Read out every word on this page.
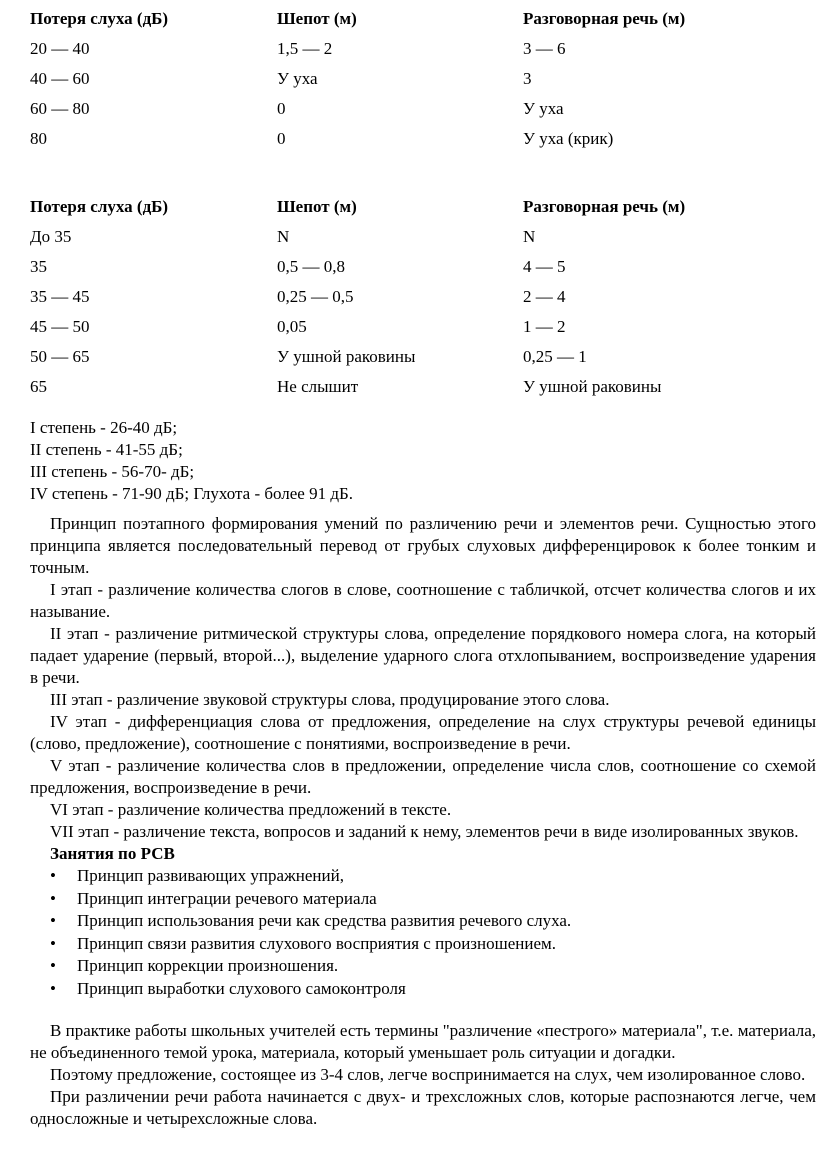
Потеря слуха (дБ)	Шепот (м)	Разговорная речь (м)
20 — 40	1,5 — 2	3 — 6
40 — 60	У уха	3
60 — 80	0	У уха
80	0	У уха (крик)
Потеря слуха (дБ)	Шепот (м)	Разговорная речь (м)
До 35	N	N
35	0,5 — 0,8	4 — 5
35 — 45	0,25 — 0,5	2 — 4
45 — 50	0,05	1 — 2
50 — 65	У ушной раковины	0,25 — 1
65	Не слышит	У ушной раковины
I степень - 26-40 дБ;
II степень - 41-55 дБ;
III степень - 56-70- дБ;
IV степень - 71-90 дБ; Глухота - более 91 дБ.

Принцип поэтапного формирования умений по различению речи и элементов речи. Сущностью этого принципа является последовательный перевод от грубых слуховых дифференцировок к более тонким и точным.

I этап - различение количества слогов в слове, соотношение с табличкой, отсчет количества слогов и их называние.

II этап - различение ритмической структуры слова, определение порядкового номера слога, на который падает ударение (первый, второй...), выделение ударного слога отхлопыванием, воспроизведение ударения в речи.

III этап - различение звуковой структуры слова, продуцирование этого слова.

IV этап - дифференциация слова от предложения, определение на слух структуры речевой единицы (слово, предложение), соотношение с понятиями, воспроизведение в речи.

V этап - различение количества слов в предложении, определение числа слов, соотношение со схемой предложения, воспроизведение в речи.

VI этап - различение количества предложений в тексте.

VII этап - различение текста, вопросов и заданий к нему, элементов речи в виде изолированных звуков.

Занятия по РСВ
• Принцип развивающих упражнений,
• Принцип интеграции речевого материала
• Принцип использования речи как средства развития речевого слуха.
• Принцип связи развития слухового восприятия с произношением.
• Принцип коррекции произношения.
• Принцип выработки слухового самоконтроля

В практике работы школьных учителей есть термины "различение «пестрого» материала", т.е. материала, не объединенного темой урока, материала, который уменьшает роль ситуации и догадки.

Поэтому предложение, состоящее из 3-4 слов, легче воспринимается на слух, чем изолированное слово.

При различении речи работа начинается с двух- и трехсложных слов, которые распознаются легче, чем односложные и четырехсложные слова.
